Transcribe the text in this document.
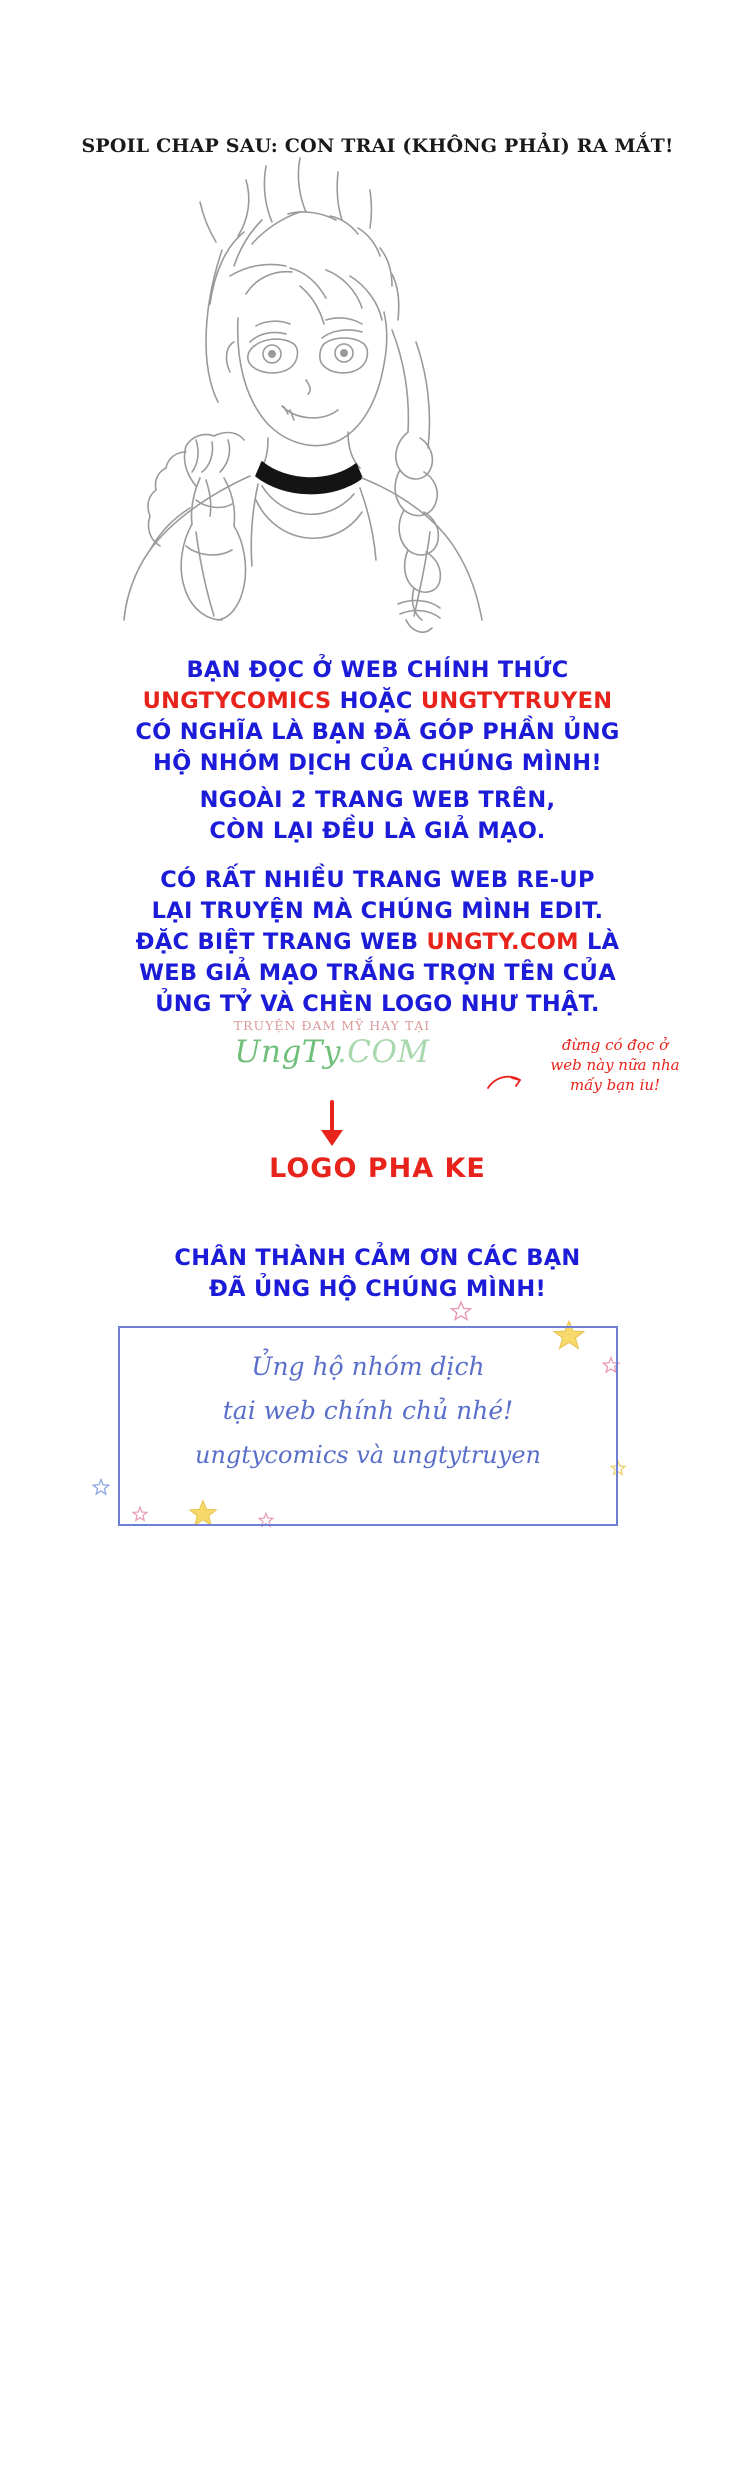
SPOIL CHAP SAU: CON TRAI (KHÔNG PHẢI) RA MẮT!
BẠN ĐỌC Ở WEB CHÍNH THỨC
UNGTYCOMICS HOẶC UNGTYTRUYEN
CÓ NGHĨA LÀ BẠN ĐÃ GÓP PHẦN ỦNG
HỘ NHÓM DỊCH CỦA CHÚNG MÌNH!
NGOÀI 2 TRANG WEB TRÊN,
CÒN LẠI ĐỀU LÀ GIẢ MẠO.
CÓ RẤT NHIỀU TRANG WEB RE-UP
LẠI TRUYỆN MÀ CHÚNG MÌNH EDIT.
ĐẶC BIỆT TRANG WEB UNGTY.COM LÀ
WEB GIẢ MẠO TRẮNG TRỢN TÊN CỦA
ỦNG TỶ VÀ CHÈN LOGO NHƯ THẬT.
TRUYỆN ĐAM MỸ HAY TẠI
UngTy.COM	đừng có đọc ở
web này nữa nha
mấy bạn iu!
LOGO PHA KE
CHÂN THÀNH CẢM ƠN CÁC BẠN
ĐÃ ỦNG HỘ CHÚNG MÌNH!
Ủng hộ nhóm dịch
tại web chính chủ nhé!
ungtycomics và ungtytruyen
